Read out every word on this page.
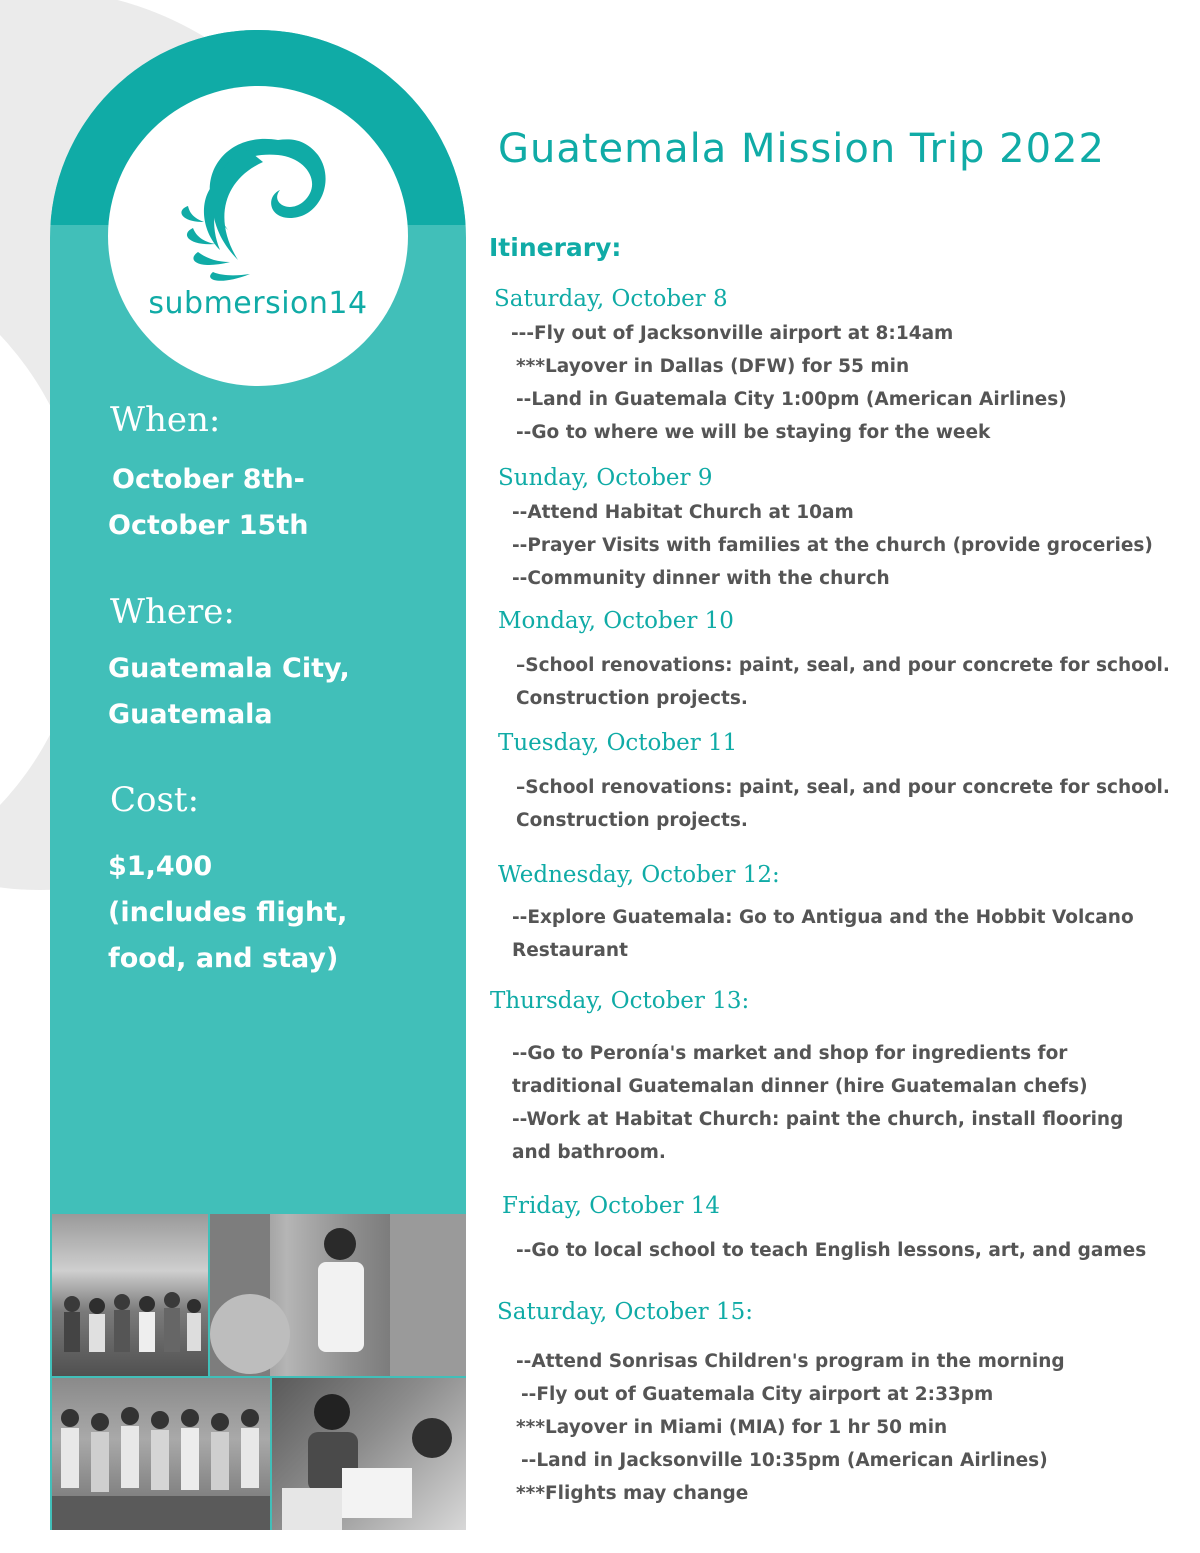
submersion14
When:
October 8th-
October 15th
Where:
Guatemala City,
Guatemala
Cost:
$1,400
(includes flight,
food, and stay)
Guatemala Mission Trip 2022
Itinerary:
Saturday, October 8
---Fly out of Jacksonville airport at 8:14am
***Layover in Dallas (DFW) for 55 min
--Land in Guatemala City 1:00pm (American Airlines)
--Go to where we will be staying for the week
Sunday, October 9
--Attend Habitat Church at 10am
--Prayer Visits with families at the church (provide groceries)
--Community dinner with the church
Monday, October 10
–School renovations: paint, seal, and pour concrete for school.
Construction projects.
Tuesday, October 11
–School renovations: paint, seal, and pour concrete for school.
Construction projects.
Wednesday, October 12:
--Explore Guatemala: Go to Antigua and the Hobbit Volcano
Restaurant
Thursday, October 13:
--Go to Peronía's market and shop for ingredients for
traditional Guatemalan dinner (hire Guatemalan chefs)
--Work at Habitat Church: paint the church, install flooring
and bathroom.
Friday, October 14
--Go to local school to teach English lessons, art, and games
Saturday, October 15:
--Attend Sonrisas Children's program in the morning
--Fly out of Guatemala City airport at 2:33pm
***Layover in Miami (MIA) for 1 hr 50 min
--Land in Jacksonville 10:35pm (American Airlines)
***Flights may change
